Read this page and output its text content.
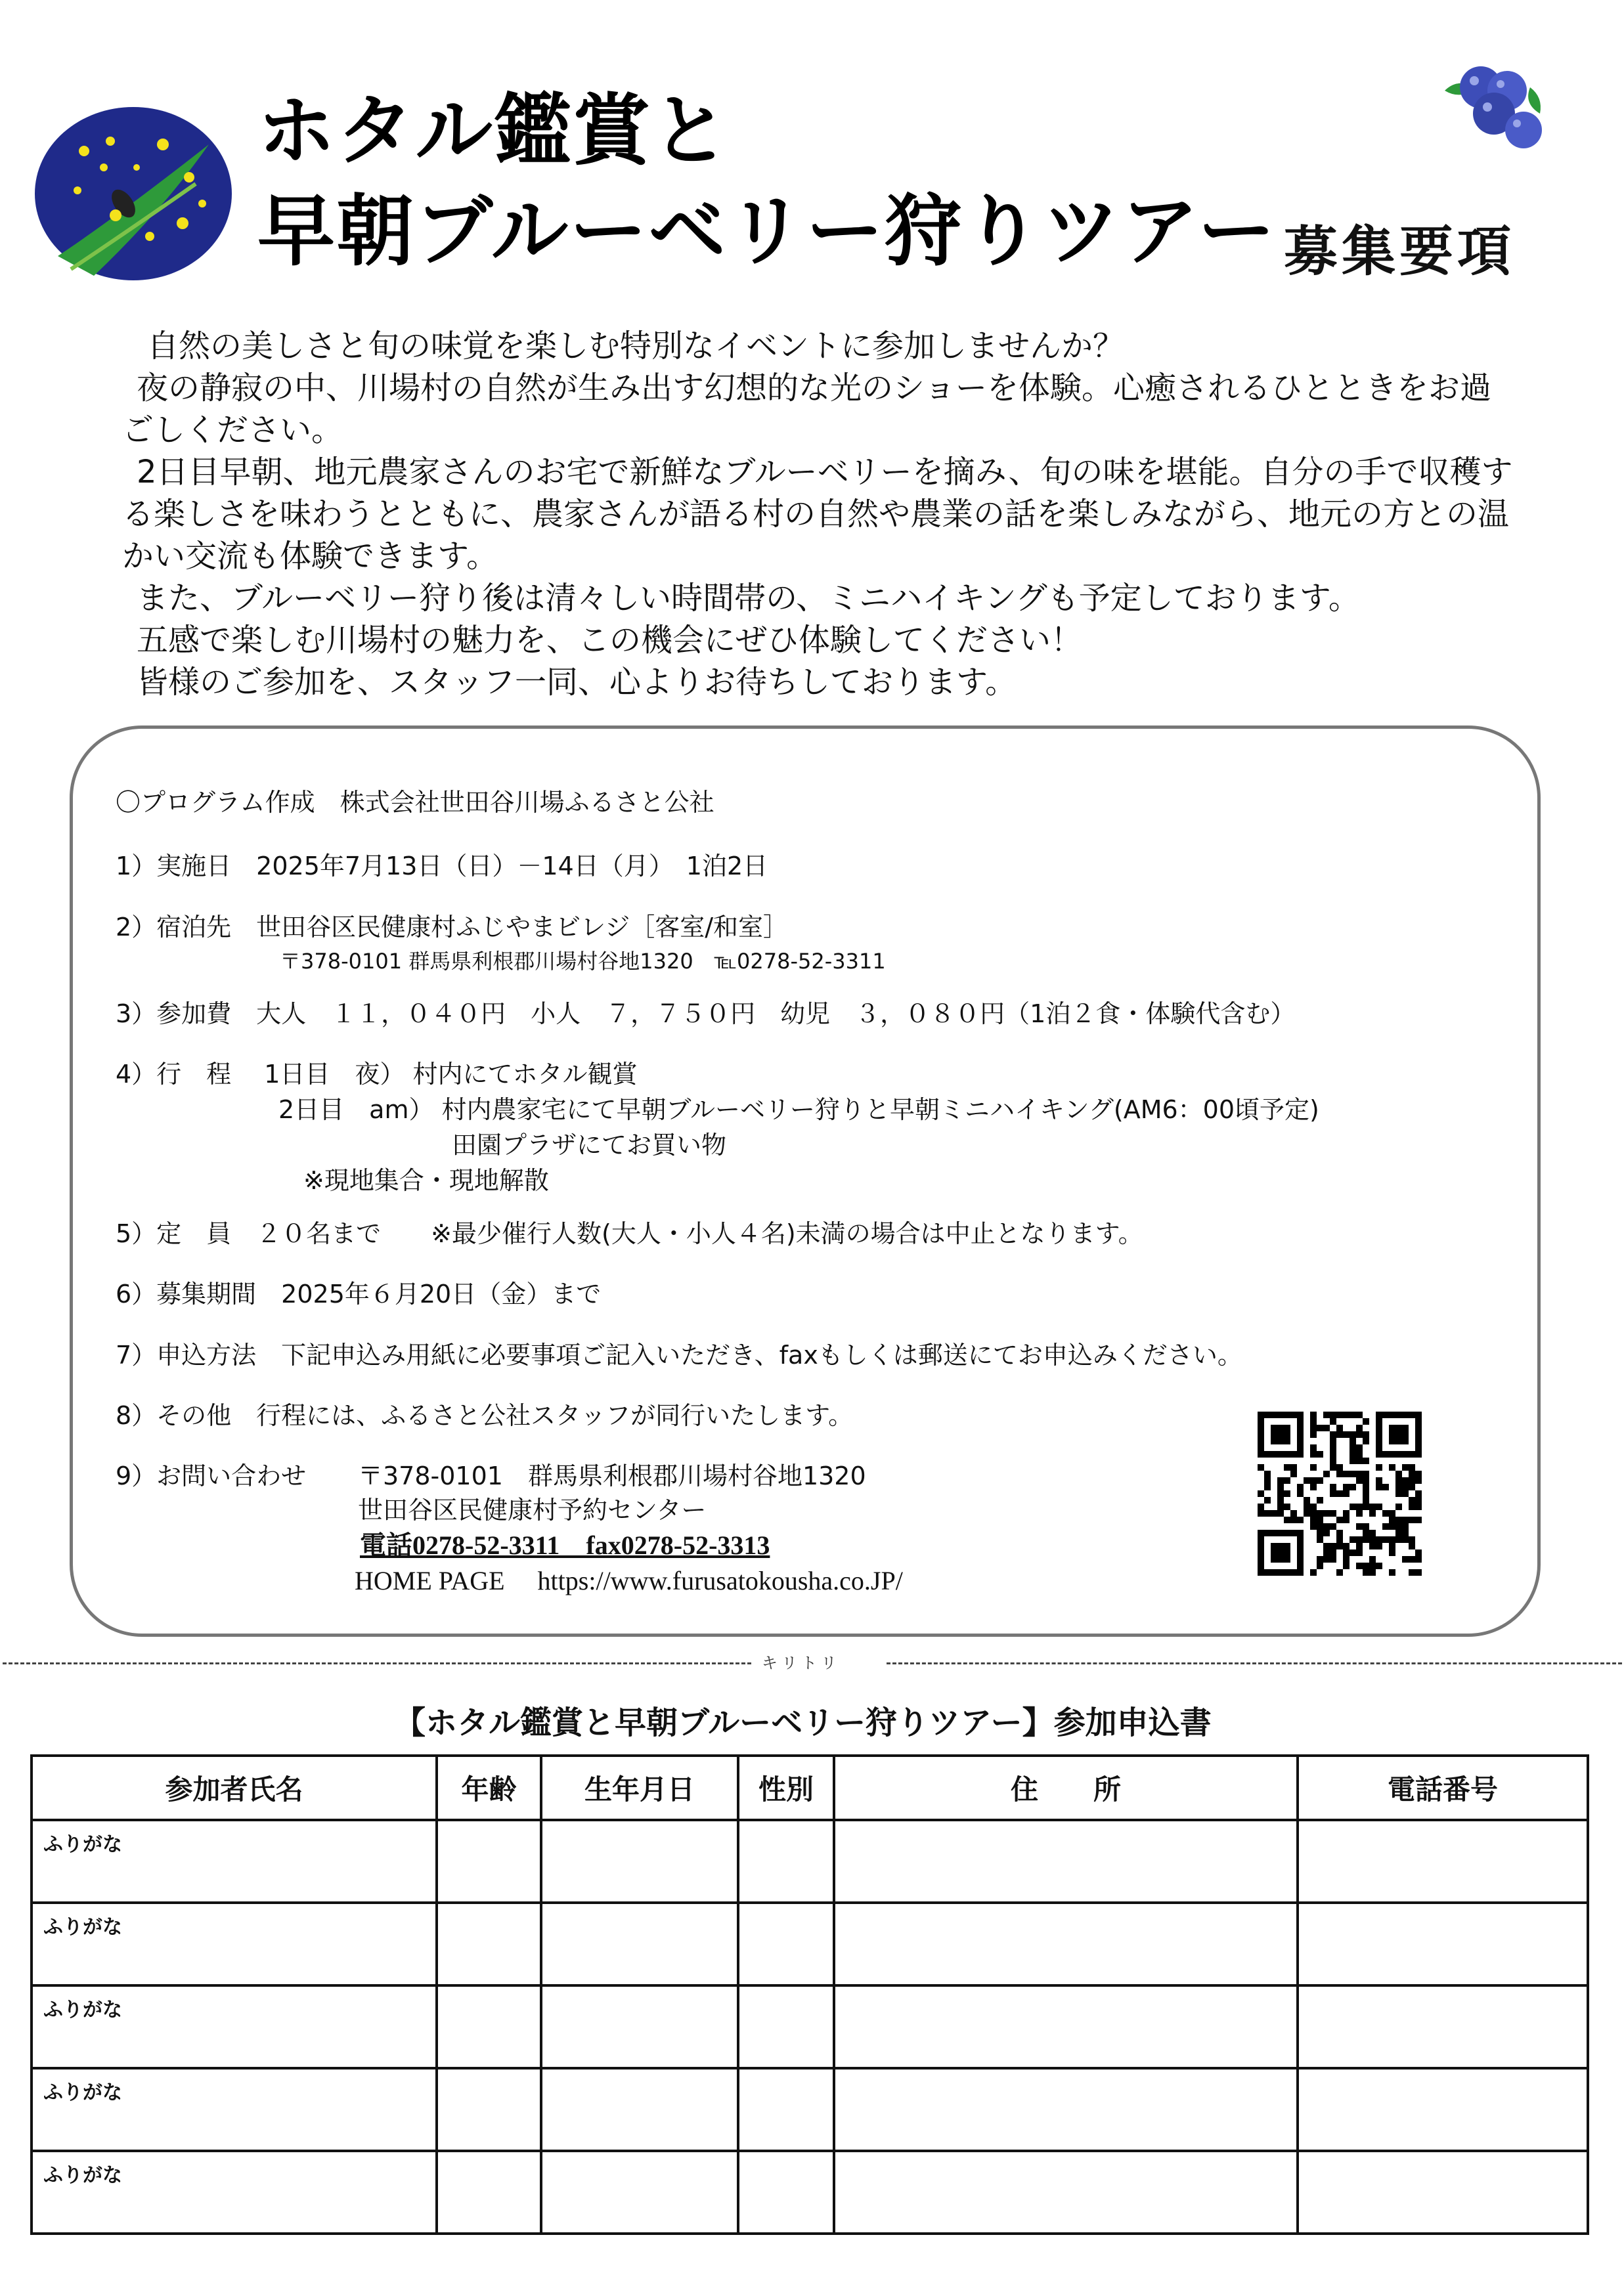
ホタル鑑賞と
早朝ブルーベリー狩りツアー 募集要項

自然の美しさと旬の味覚を楽しむ特別なイベントに参加しませんか？

夜の静寂の中、川場村の自然が生み出す幻想的な光のショーを体験。心癒されるひとときをお過ごしください。

2日目早朝、地元農家さんのお宅で新鮮なブルーベリーを摘み、旬の味を堪能。自分の手で収穫する楽しさを味わうとともに、農家さんが語る村の自然や農業の話を楽しみながら、地元の方との温かい交流も体験できます。

また、ブルーベリー狩り後は清々しい時間帯の、ミニハイキングも予定しております。

五感で楽しむ川場村の魅力を、この機会にぜひ体験してください！

皆様のご参加を、スタッフ一同、心よりお待ちしております。

〇プログラム作成　株式会社世田谷川場ふるさと公社
1）実施日　2025年7月13日（日）－14日（月）　1泊2日
2）宿泊先　世田谷区民健康村ふじやまビレジ［客室/和室］
〒378-0101 群馬県利根郡川場村谷地1320　℡0278-52-3311
3）参加費　大人　１１，０４０円　小人　７，７５０円　幼児　３，０８０円（1泊２食・体験代含む）
4）行　程　 1日目　夜） 村内にてホタル観賞
2日目　am） 村内農家宅にて早朝ブルーベリー狩りと早朝ミニハイキング(AM6：00頃予定)
田園プラザにてお買い物
※現地集合・現地解散
5）定　員　２０名まで　　※最少催行人数(大人・小人４名)未満の場合は中止となります。
6）募集期間　2025年６月20日（金）まで
7）申込方法　下記申込み用紙に必要事項ご記入いただき、faxもしくは郵送にてお申込みください。
8）その他　行程には、ふるさと公社スタッフが同行いたします。
9）お問い合わせ 〒378-0101　群馬県利根郡川場村谷地1320
世田谷区民健康村予約センター
電話0278-52-3311　fax0278-52-3313
HOME PAGE　 https://www.furusatokousha.co.JP/
キリトリ
【ホタル鑑賞と早朝ブルーベリー狩りツアー】参加申込書
参加者氏名	年齢	生年月日	性別	住　　所	電話番号

ふりがな					

ふりがな					

ふりがな					

ふりがな					

ふりがな					
